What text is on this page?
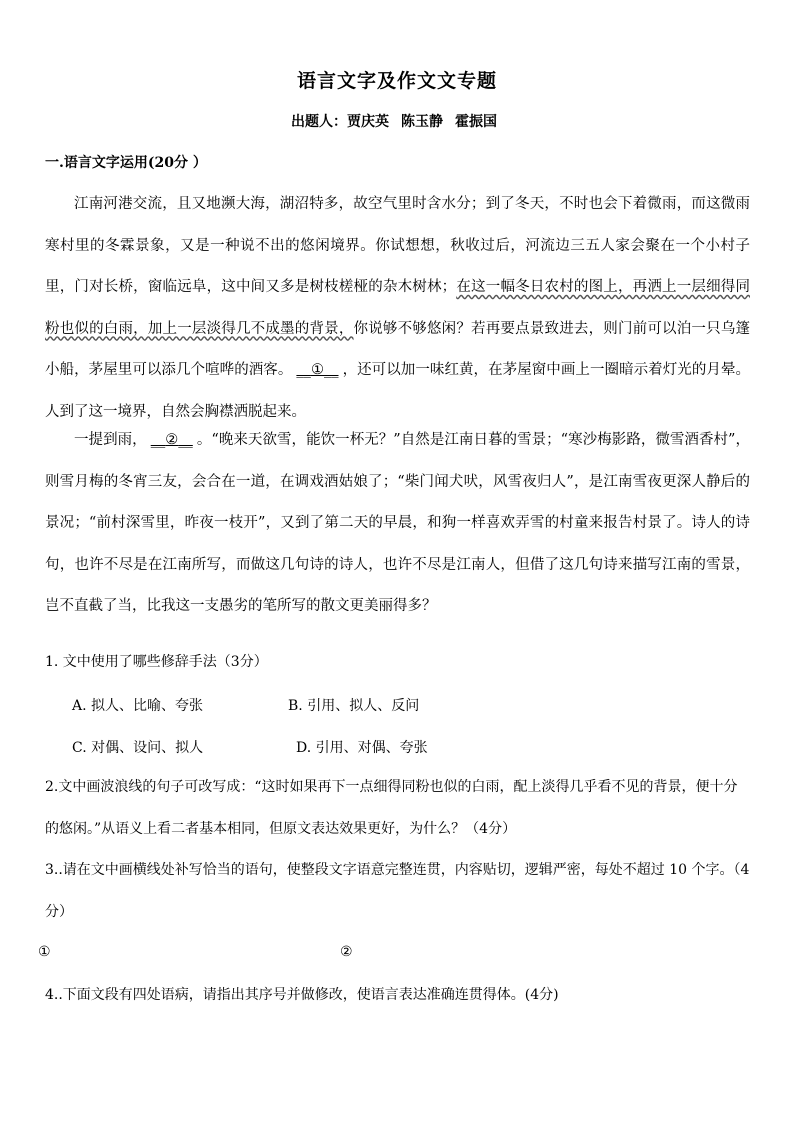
语言文字及作文文专题
出题人：贾庆英 陈玉静 霍振国
一.语言文字运用(20分 ）

江南河港交流，且又地濒大海，湖沼特多，故空气里时含水分；到了冬天，不时也会下着微雨，而这微雨寒村里的冬霖景象，又是一种说不出的悠闲境界。你试想想，秋收过后，河流边三五人家会聚在一个小村子里，门对长桥，窗临远阜，这中间又多是树枝槎桠的杂木树林；在这一幅冬日农村的图上，再洒上一层细得同粉也似的白雨，加上一层淡得几不成墨的背景，你说够不够悠闲？若再要点景致进去，则门前可以泊一只乌篷小船，茅屋里可以添几个喧哗的酒客。 __①__ ，还可以加一味红黄，在茅屋窗中画上一圈暗示着灯光的月晕。人到了这一境界，自然会胸襟洒脱起来。

一提到雨， __②__ 。“晚来天欲雪，能饮一杯无？”自然是江南日暮的雪景；“寒沙梅影路，微雪酒香村”，则雪月梅的冬宵三友，会合在一道，在调戏酒姑娘了；“柴门闻犬吠，风雪夜归人”，是江南雪夜更深人静后的景况；“前村深雪里，昨夜一枝开”，又到了第二天的早晨，和狗一样喜欢弄雪的村童来报告村景了。诗人的诗句，也许不尽是在江南所写，而做这几句诗的诗人，也许不尽是江南人，但借了这几句诗来描写江南的雪景，岂不直截了当，比我这一支愚劣的笔所写的散文更美丽得多？

1. 文中使用了哪些修辞手法（3分）

A. 拟人、比喻、夸张	B. 引用、拟人、反问
C. 对偶、设问、拟人	D. 引用、对偶、夸张

2.文中画波浪线的句子可改写成：“这时如果再下一点细得同粉也似的白雨，配上淡得几乎看不见的背景，便十分的悠闲。”从语义上看二者基本相同，但原文表达效果更好，为什么？（4分）

3..请在文中画横线处补写恰当的语句，使整段文字语意完整连贯，内容贴切，逻辑严密，每处不超过 10 个字。（4分）

①	②

4..下面文段有四处语病，请指出其序号并做修改，使语言表达准确连贯得体。(4分)
